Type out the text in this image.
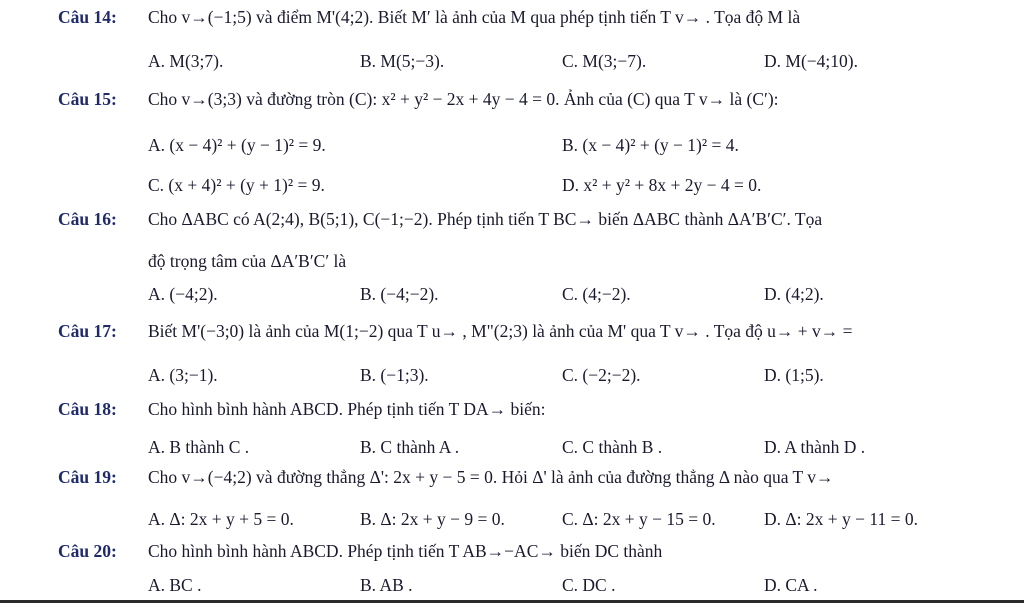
Câu 14: Cho v→(−1;5) và điểm M'(4;2). Biết M′ là ảnh của M qua phép tịnh tiến T v→ . Tọa độ M là
A. M(3;7).	B. M(5;−3).	C. M(3;−7).	D. M(−4;10).
Câu 15: Cho v→(3;3) và đường tròn (C): x² + y² − 2x + 4y − 4 = 0. Ảnh của (C) qua T v→ là (C′):
A. (x − 4)² + (y − 1)² = 9.	B. (x − 4)² + (y − 1)² = 4.
C. (x + 4)² + (y + 1)² = 9.	D. x² + y² + 8x + 2y − 4 = 0.
Câu 16: Cho ΔABC có A(2;4), B(5;1), C(−1;−2). Phép tịnh tiến T BC→ biến ΔABC thành ΔA′B′C′. Tọa
độ trọng tâm của ΔA′B′C′ là
A. (−4;2).	B. (−4;−2).	C. (4;−2).	D. (4;2).
Câu 17: Biết M'(−3;0) là ảnh của M(1;−2) qua T u→ , M"(2;3) là ảnh của M' qua T v→ . Tọa độ u→ + v→ =
A. (3;−1).	B. (−1;3).	C. (−2;−2).	D. (1;5).
Câu 18: Cho hình bình hành ABCD. Phép tịnh tiến T DA→ biến:
A. B thành C .	B. C thành A .	C. C thành B .	D. A thành D .
Câu 19: Cho v→(−4;2) và đường thẳng Δ': 2x + y − 5 = 0. Hỏi Δ' là ảnh của đường thẳng Δ nào qua T v→
A. Δ: 2x + y + 5 = 0.	B. Δ: 2x + y − 9 = 0.	C. Δ: 2x + y − 15 = 0.	D. Δ: 2x + y − 11 = 0.
Câu 20: Cho hình bình hành ABCD. Phép tịnh tiến T AB→−AC→ biến DC thành
A. BC .	B. AB .	C. DC .	D. CA .
